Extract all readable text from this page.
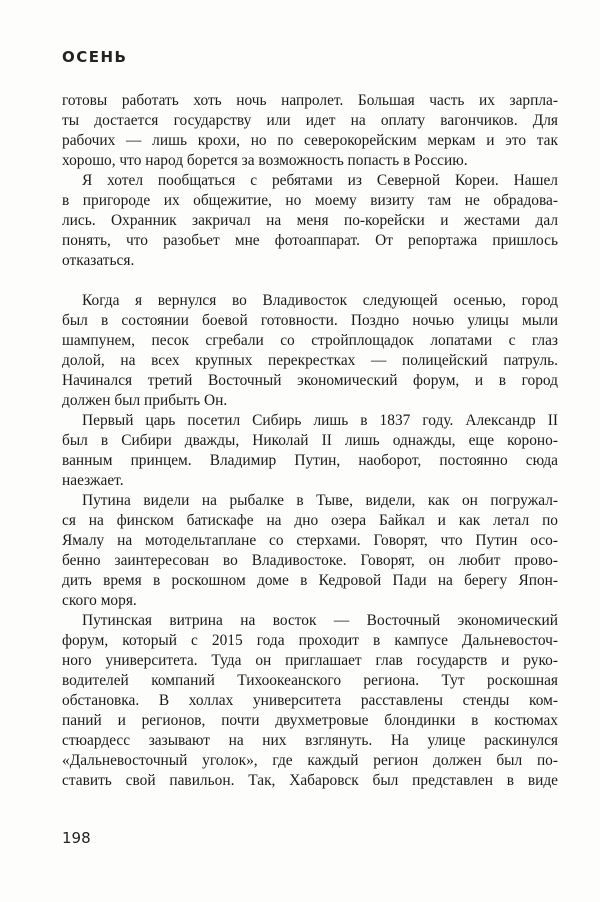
ОСЕНЬ
готовы работать хоть ночь напролет. Большая часть их зарпла-
ты достается государству или идет на оплату вагончиков. Для
рабочих — лишь крохи, но по северокорейским меркам и это так
хорошо, что народ борется за возможность попасть в Россию.
Я хотел пообщаться с ребятами из Северной Кореи. Нашел
в пригороде их общежитие, но моему визиту там не обрадова-
лись. Охранник закричал на меня по-корейски и жестами дал
понять, что разобьет мне фотоаппарат. От репортажа пришлось
отказаться.
Когда я вернулся во Владивосток следующей осенью, город
был в состоянии боевой готовности. Поздно ночью улицы мыли
шампунем, песок сгребали со стройплощадок лопатами с глаз
долой, на всех крупных перекрестках — полицейский патруль.
Начинался третий Восточный экономический форум, и в город
должен был прибыть Он.
Первый царь посетил Сибирь лишь в 1837 году. Александр II
был в Сибири дважды, Николай II лишь однажды, еще короно-
ванным принцем. Владимир Путин, наоборот, постоянно сюда
наезжает.
Путина видели на рыбалке в Тыве, видели, как он погружал-
ся на финском батискафе на дно озера Байкал и как летал по
Ямалу на мотодельтаплане со стерхами. Говорят, что Путин осо-
бенно заинтересован во Владивостоке. Говорят, он любит прово-
дить время в роскошном доме в Кедровой Пади на берегу Япон-
ского моря.
Путинская витрина на восток — Восточный экономический
форум, который с 2015 года проходит в кампусе Дальневосточ-
ного университета. Туда он приглашает глав государств и руко-
водителей компаний Тихоокеанского региона. Тут роскошная
обстановка. В холлах университета расставлены стенды ком-
паний и регионов, почти двухметровые блондинки в костюмах
стюардесс зазывают на них взглянуть. На улице раскинулся
«Дальневосточный уголок», где каждый регион должен был по-
ставить свой павильон. Так, Хабаровск был представлен в виде
198
